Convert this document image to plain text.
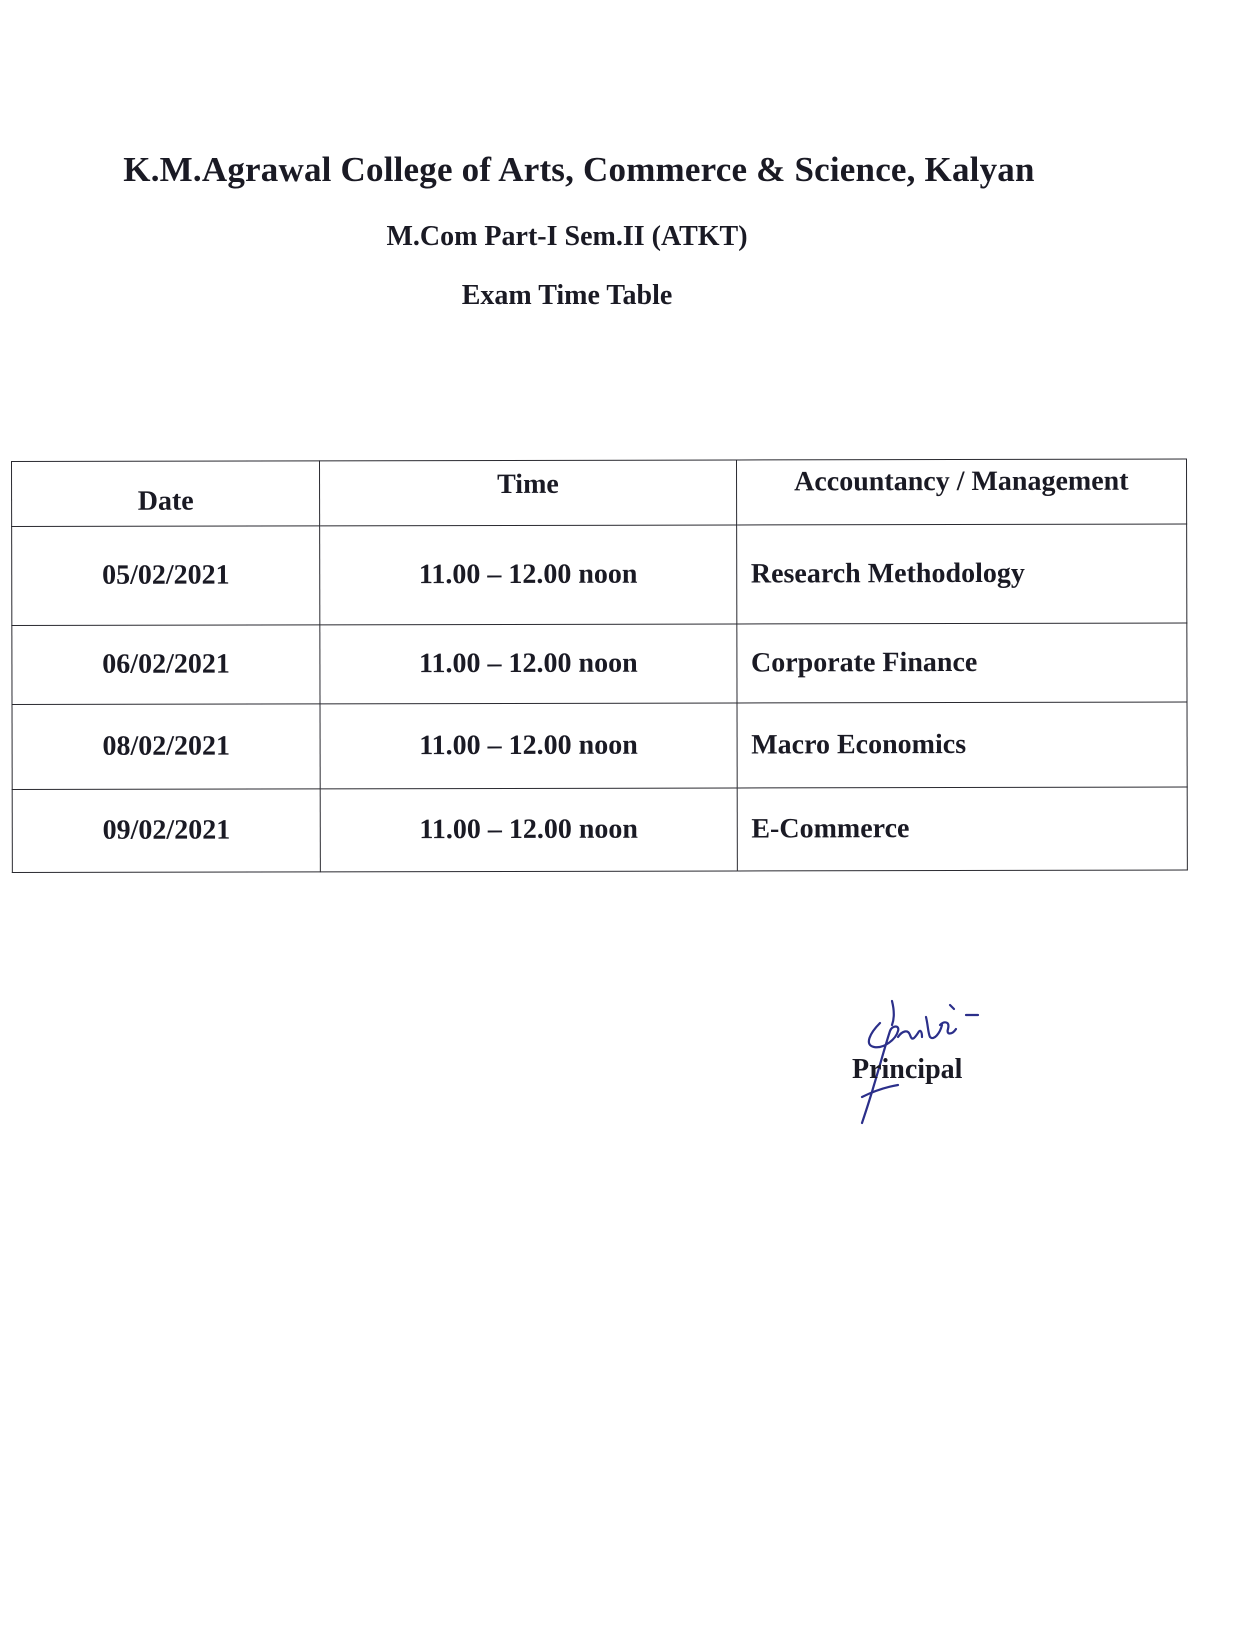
K.M.Agrawal College of Arts, Commerce & Science, Kalyan
M.Com Part-I Sem.II (ATKT)
Exam Time Table
Date	Time	Accountancy / Management
05/02/2021	11.00 – 12.00 noon	Research Methodology
06/02/2021	11.00 – 12.00 noon	Corporate Finance
08/02/2021	11.00 – 12.00 noon	Macro Economics
09/02/2021	11.00 – 12.00 noon	E-Commerce
Principal
